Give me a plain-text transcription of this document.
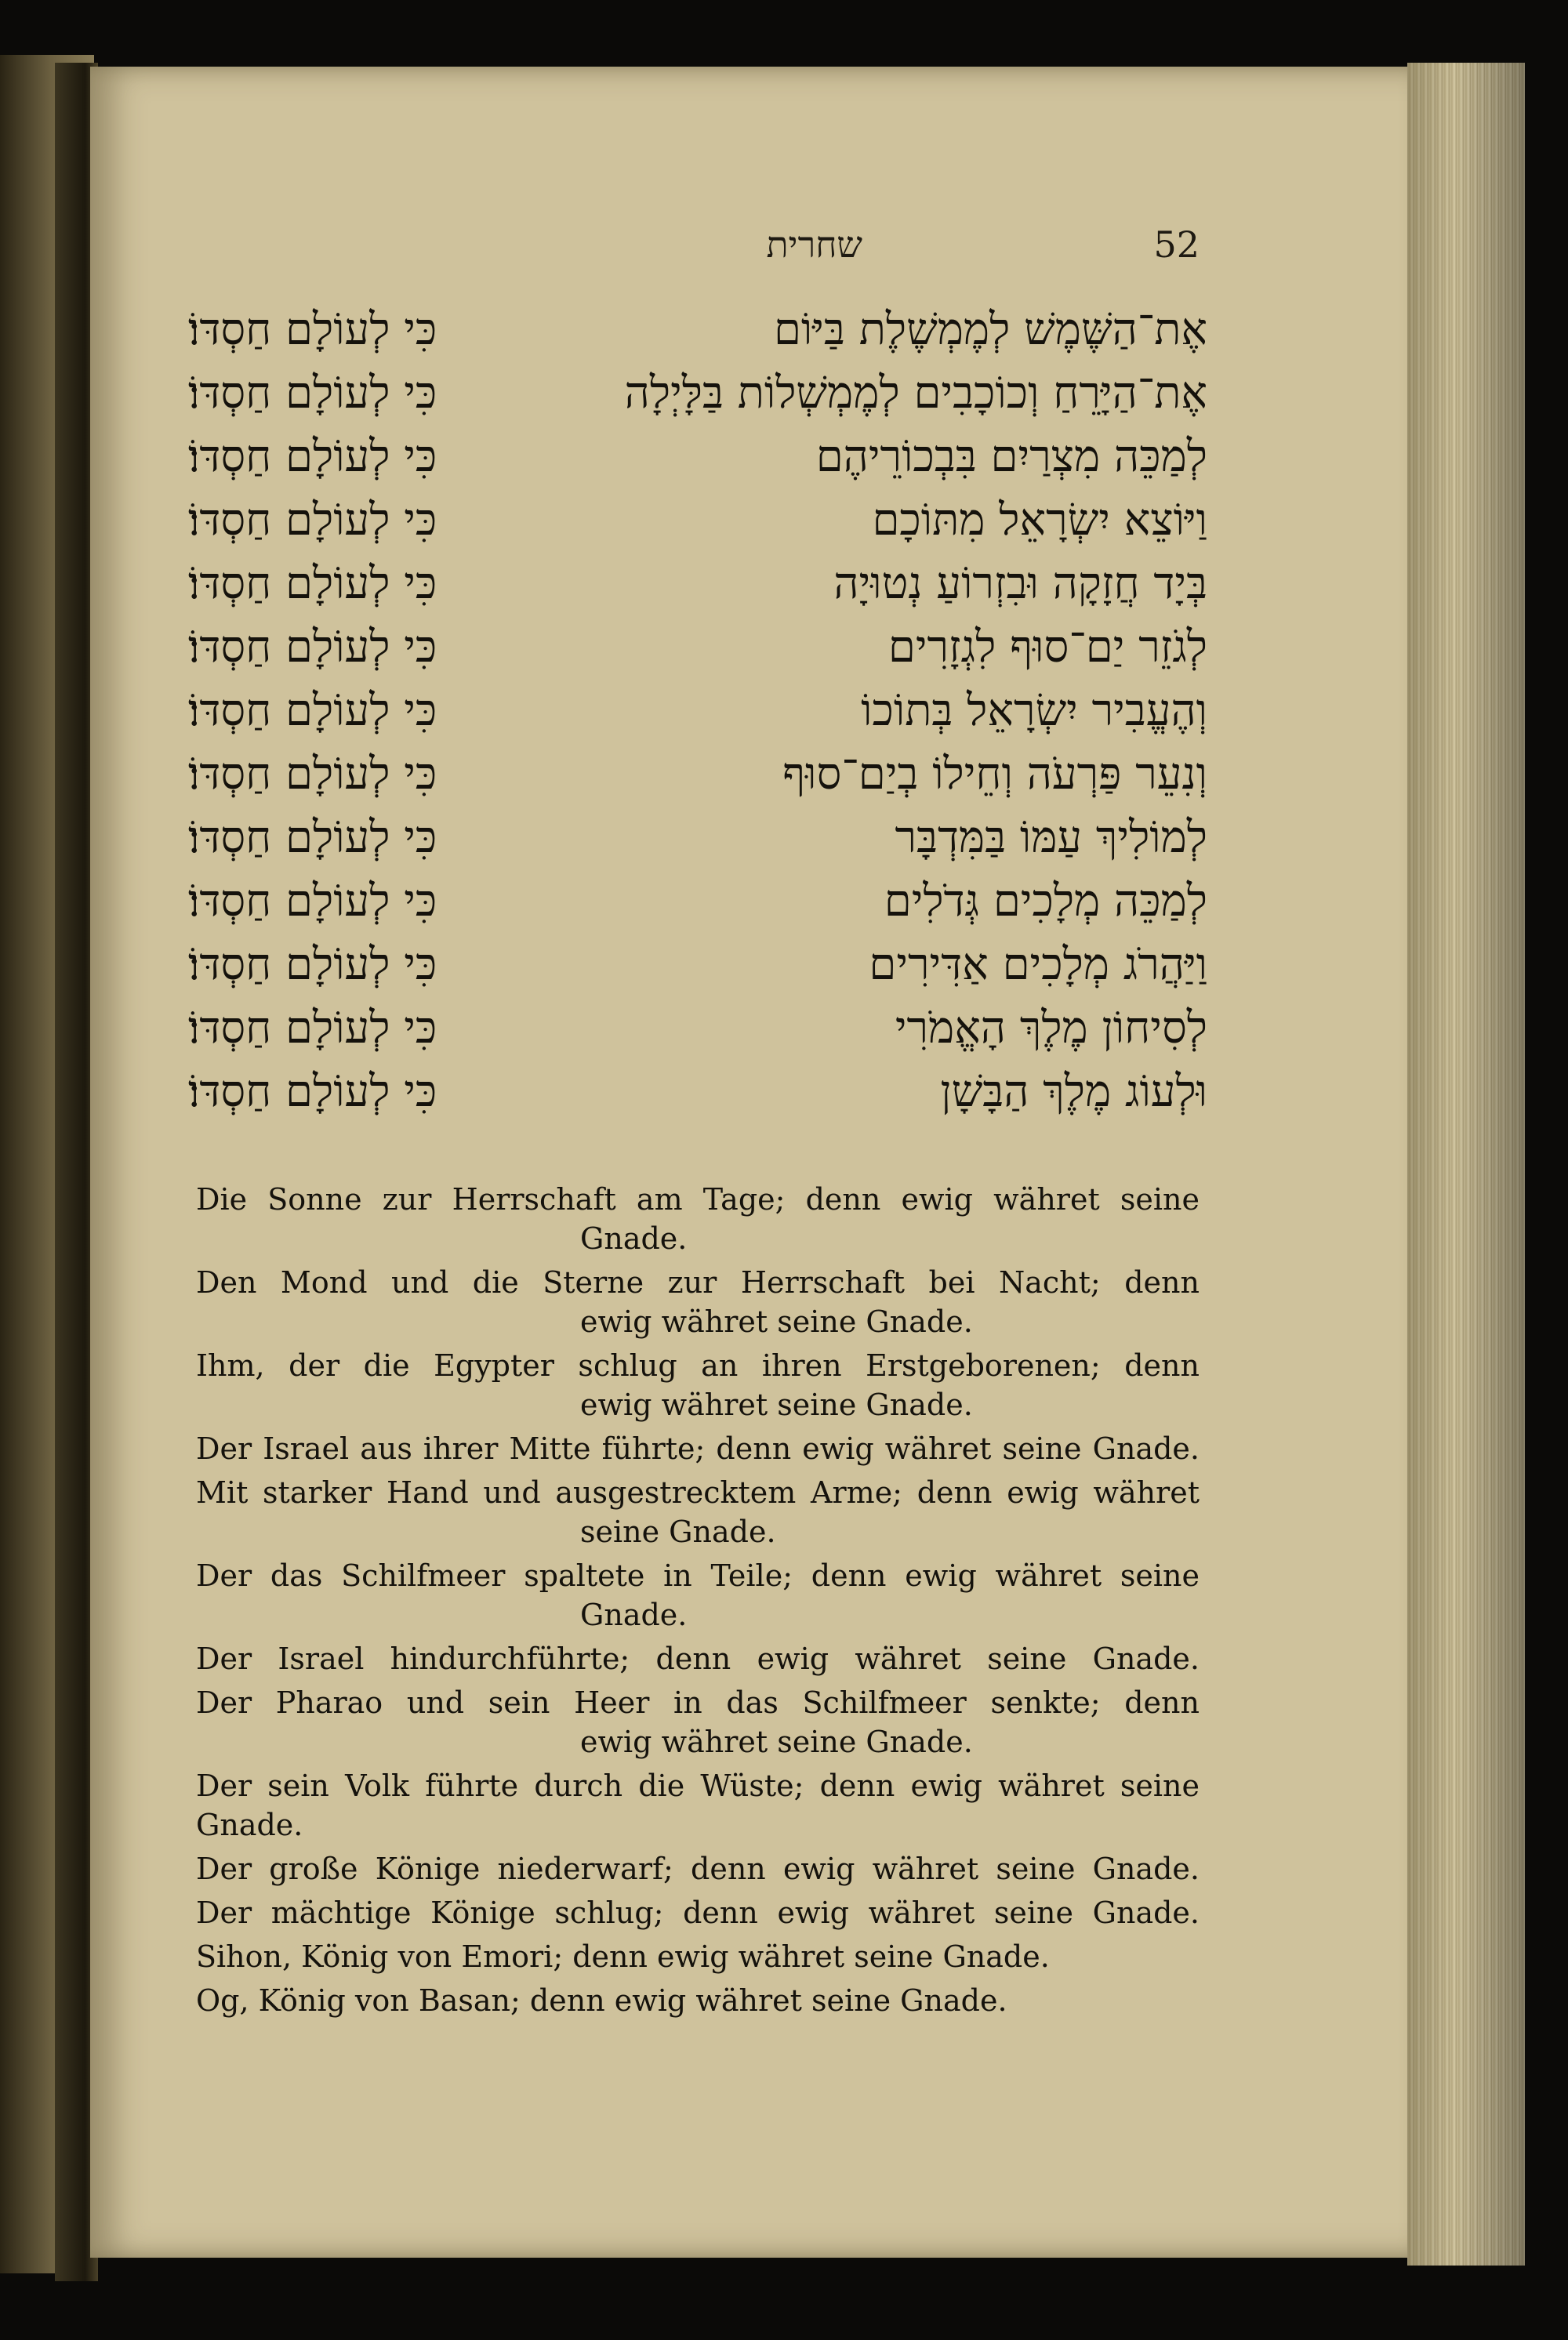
שחרית	52
כִּי לְעוֹלָם חַסְדּוֹ׃	אֶת־הַשֶּׁמֶשׁ לְמֶמְשֶׁלֶת בַּיּוֹם
כִּי לְעוֹלָם חַסְדּוֹ׃	אֶת־הַיָּרֵחַ וְכוֹכָבִים לְמֶמְשְׁלוֹת בַּלָּיְלָה
כִּי לְעוֹלָם חַסְדּוֹ׃	לְמַכֵּה מִצְרַיִם בִּבְכוֹרֵיהֶם
כִּי לְעוֹלָם חַסְדּוֹ׃	וַיּוֹצֵא יִשְׂרָאֵל מִתּוֹכָם
כִּי לְעוֹלָם חַסְדּוֹ׃	בְּיָד חֲזָקָה וּבִזְרוֹעַ נְטוּיָה
כִּי לְעוֹלָם חַסְדּוֹ׃	לְגֹזֵר יַם־סוּף לִגְזָרִים
כִּי לְעוֹלָם חַסְדּוֹ׃	וְהֶעֱבִיר יִשְׂרָאֵל בְּתוֹכוֹ
כִּי לְעוֹלָם חַסְדּוֹ׃	וְנִעֵר פַּרְעֹה וְחֵילוֹ בְיַם־סוּף
כִּי לְעוֹלָם חַסְדּוֹ׃	לְמוֹלִיךְ עַמּוֹ בַּמִּדְבָּר
כִּי לְעוֹלָם חַסְדּוֹ׃	לְמַכֵּה מְלָכִים גְּדֹלִים
כִּי לְעוֹלָם חַסְדּוֹ׃	וַיַּהֲרֹג מְלָכִים אַדִּירִים
כִּי לְעוֹלָם חַסְדּוֹ׃	לְסִיחוֹן מֶלֶךְ הָאֱמֹרִי
כִּי לְעוֹלָם חַסְדּוֹ׃	וּלְעוֹג מֶלֶךְ הַבָּשָׁן
Die Sonne zur Herrschaft am Tage; denn ewig währet seine
Gnade.
Den Mond und die Sterne zur Herrschaft bei Nacht; denn
ewig währet seine Gnade.
Ihm, der die Egypter schlug an ihren Erstgeborenen; denn
ewig währet seine Gnade.
Der Israel aus ihrer Mitte führte; denn ewig währet seine Gnade.
Mit starker Hand und ausgestrecktem Arme; denn ewig währet
seine Gnade.
Der das Schilfmeer spaltete in Teile; denn ewig währet seine
Gnade.
Der Israel hindurchführte; denn ewig währet seine Gnade.
Der Pharao und sein Heer in das Schilfmeer senkte; denn
ewig währet seine Gnade.
Der sein Volk führte durch die Wüste; denn ewig währet seine Gnade.
Der große Könige niederwarf; denn ewig währet seine Gnade.
Der mächtige Könige schlug; denn ewig währet seine Gnade.
Sihon, König von Emori; denn ewig währet seine Gnade.
Og, König von Basan; denn ewig währet seine Gnade.
